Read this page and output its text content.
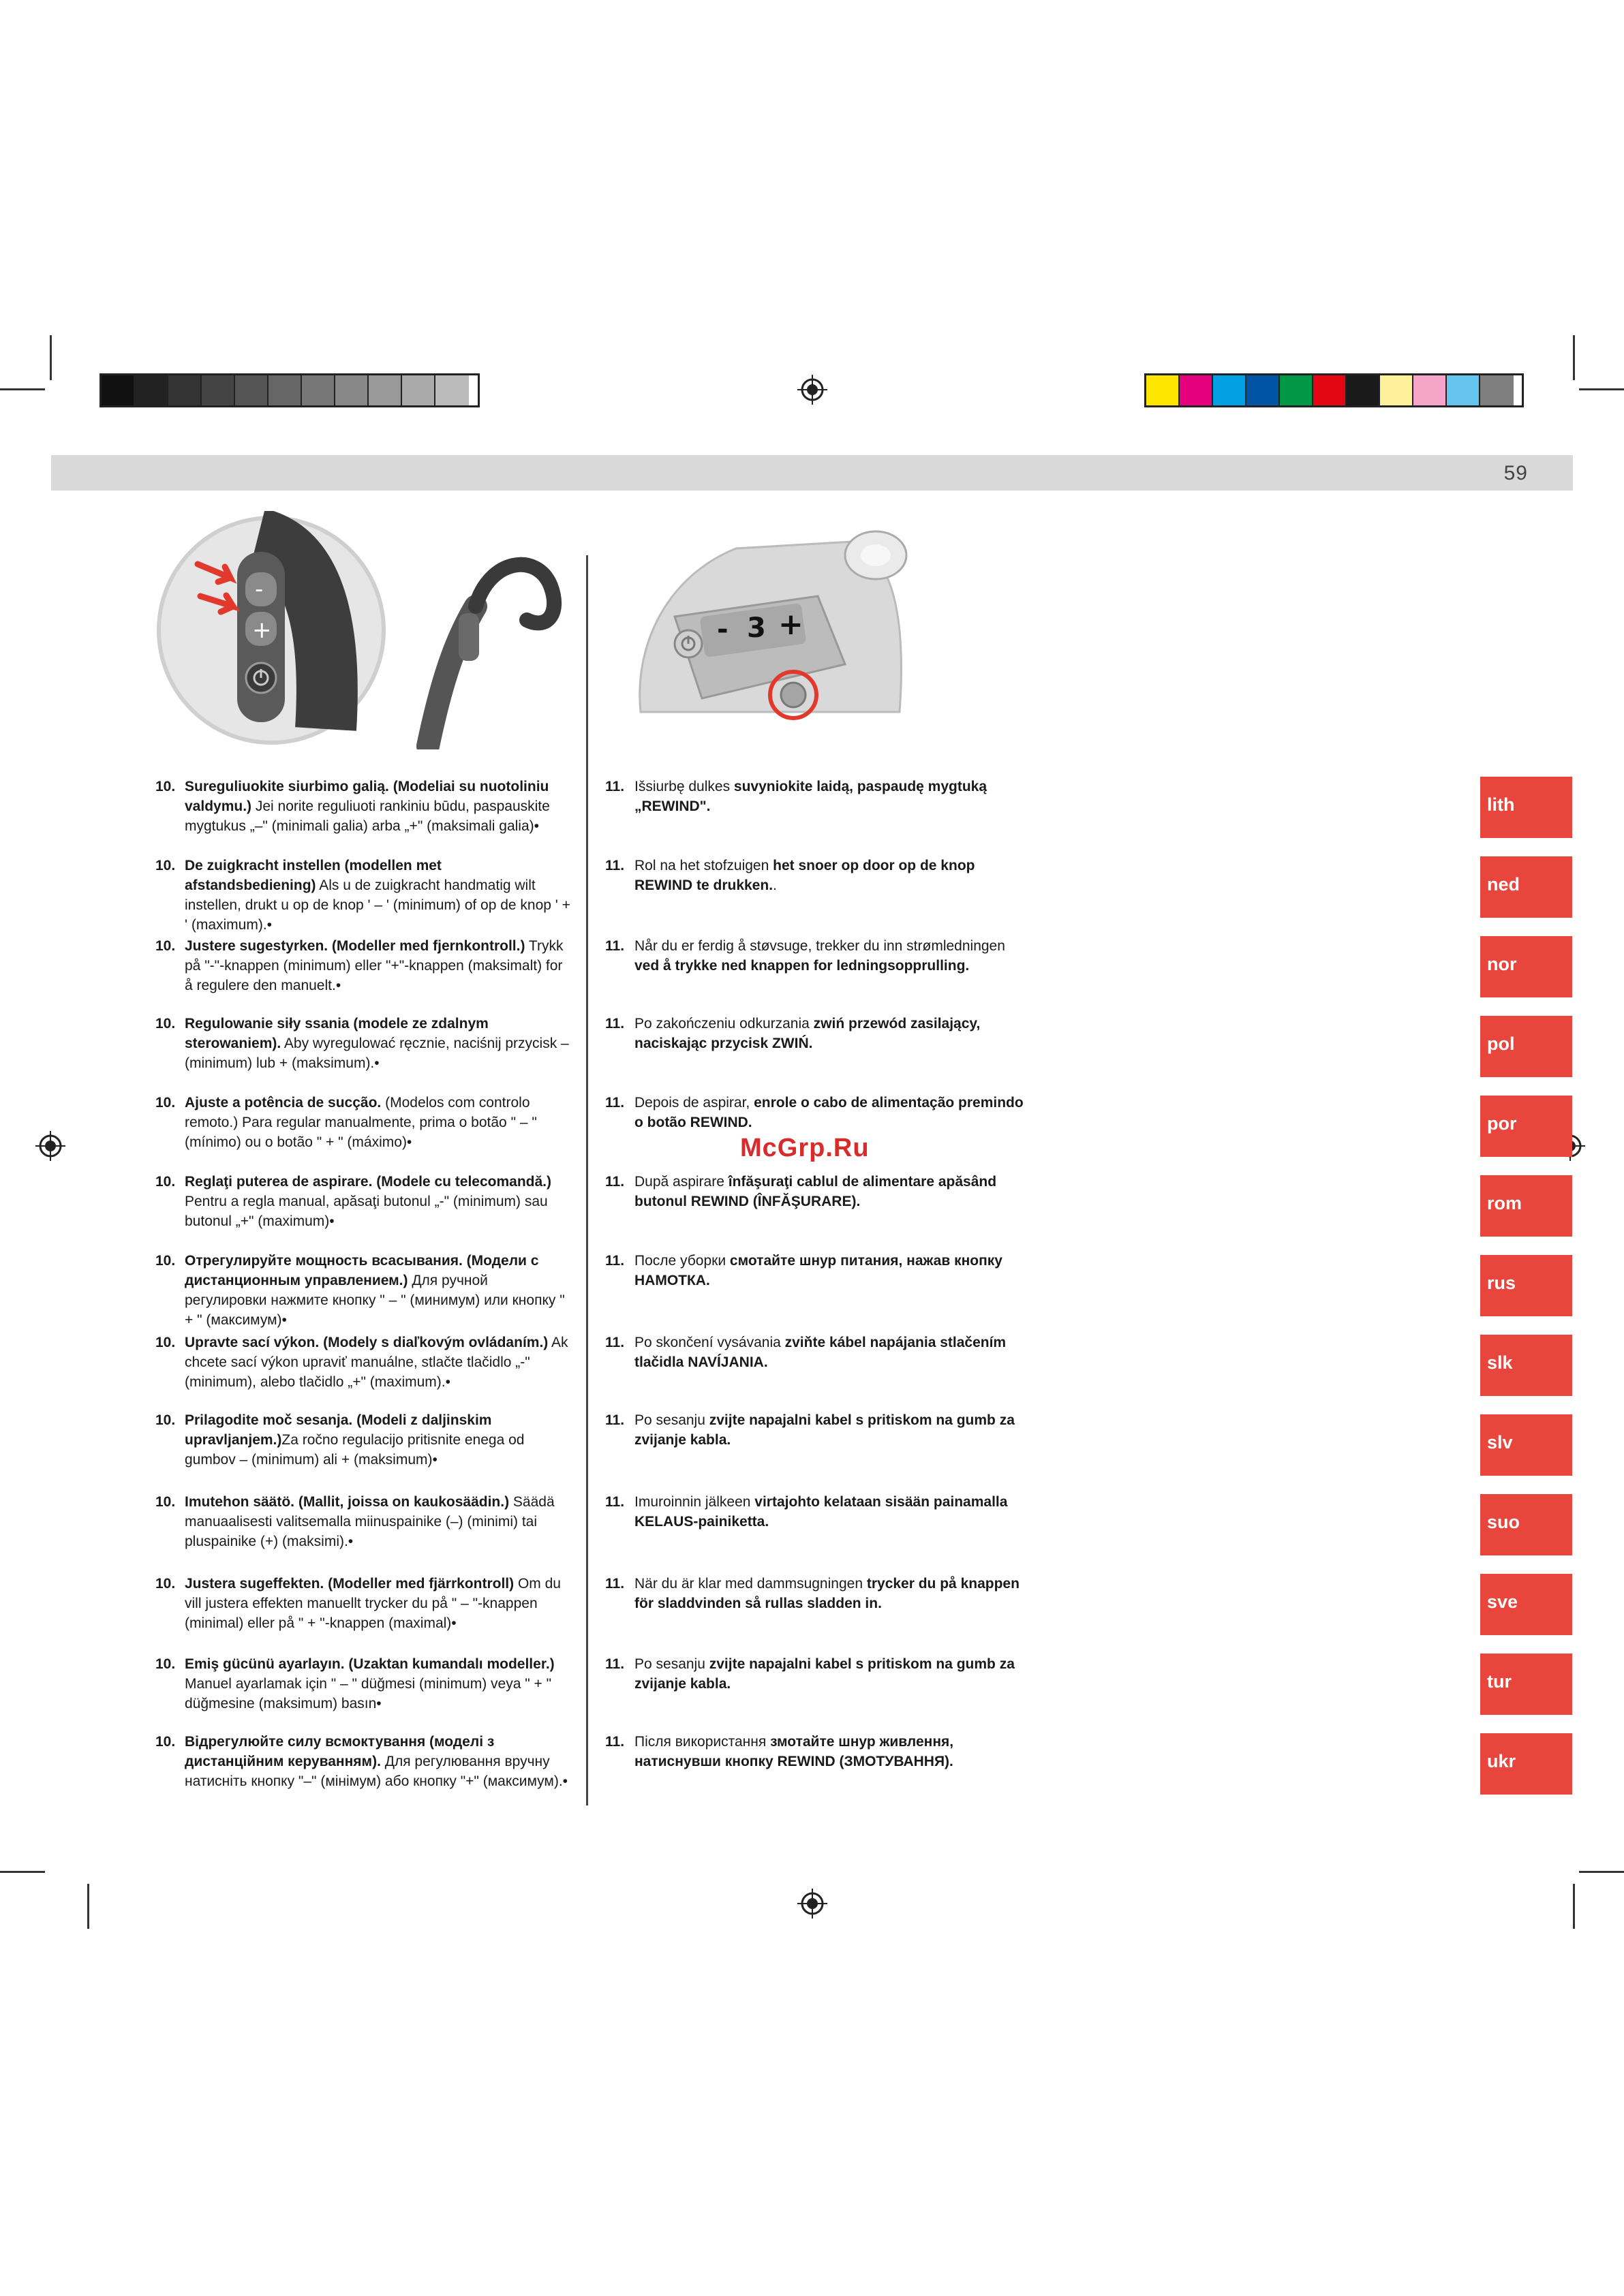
59
-
+	- 3 +
10. Sureguliuokite siurbimo galią. (Modeliai su nuotoliniu valdymu.) Jei norite reguliuoti rankiniu būdu, paspauskite mygtukus „–" (minimali galia) arba „+" (maksimali galia)•
10. De zuigkracht instellen (modellen met afstandsbediening) Als u de zuigkracht handmatig wilt instellen, drukt u op de knop ' – ' (minimum) of op de knop ' + ' (maximum).•
10. Justere sugestyrken. (Modeller med fjernkontroll.) Trykk på "-"-knappen (minimum) eller "+"-knappen (maksimalt) for å regulere den manuelt.•
10. Regulowanie siły ssania (modele ze zdalnym sterowaniem). Aby wyregulować ręcznie, naciśnij przycisk – (minimum) lub + (maksimum).•
10. Ajuste a potência de sucção. (Modelos com controlo remoto.) Para regular manualmente, prima o botão " – " (mínimo) ou o botão " + " (máximo)•
10. Reglaţi puterea de aspirare. (Modele cu telecomandă.) Pentru a regla manual, apăsaţi butonul „-" (minimum) sau butonul „+" (maximum)•
10. Отрегулируйте мощность всасывания. (Модели с дистанционным управлением.) Для ручной регулировки нажмите кнопку " – " (минимум) или кнопку " + " (максимум)•
10. Upravte sací výkon. (Modely s diaľkovým ovládaním.) Ak chcete sací výkon upraviť manuálne, stlačte tlačidlo „-" (minimum), alebo tlačidlo „+" (maximum).•
10. Prilagodite moč sesanja. (Modeli z daljinskim upravljanjem.)Za ročno regulacijo pritisnite enega od gumbov – (minimum) ali + (maksimum)•
10. Imutehon säätö. (Mallit, joissa on kaukosäädin.) Säädä manuaalisesti valitsemalla miinuspainike (–) (minimi) tai pluspainike (+) (maksimi).•
10. Justera sugeffekten. (Modeller med fjärrkontroll) Om du vill justera effekten manuellt trycker du på " – "-knappen (minimal) eller på " + "-knappen (maximal)•
10. Emiş gücünü ayarlayın. (Uzaktan kumandalı modeller.) Manuel ayarlamak için " – " düğmesi (minimum) veya " + " düğmesine (maksimum) basın•
10. Відрегулюйте силу всмоктування (моделі з дистанційним керуванням). Для регулювання вручну натисніть кнопку "–" (мінімум) або кнопку "+" (максимум).•
11. Išsiurbę dulkes suvyniokite laidą, paspaudę mygtuką „REWIND".
11. Rol na het stofzuigen het snoer op door op de knop REWIND te drukken..
11. Når du er ferdig å støvsuge, trekker du inn strømledningen ved å trykke ned knappen for ledningsopprulling.
11. Po zakończeniu odkurzania zwiń przewód zasilający, naciskając przycisk ZWIŃ.
11. Depois de aspirar, enrole o cabo de alimentação premindo o botão REWIND.
11. După aspirare înfăşuraţi cablul de alimentare apăsând butonul REWIND (ÎNFĂŞURARE).
11. После уборки смотайте шнур питания, нажав кнопку НАМОТКА.
11. Po skončení vysávania zviňte kábel napájania stlačením tlačidla NAVÍJANIA.
11. Po sesanju zvijte napajalni kabel s pritiskom na gumb za zvijanje kabla.
11. Imuroinnin jälkeen virtajohto kelataan sisään painamalla KELAUS-painiketta.
11. När du är klar med dammsugningen trycker du på knappen för sladdvinden så rullas sladden in.
11. Po sesanju zvijte napajalni kabel s pritiskom na gumb za zvijanje kabla.
11. Після використання змотайте шнур живлення, натиснувши кнопку REWIND (ЗМОТУВАННЯ).
McGrp.Ru
lith
ned
nor
pol
por
rom
rus
slk
slv
suo
sve
tur
ukr
